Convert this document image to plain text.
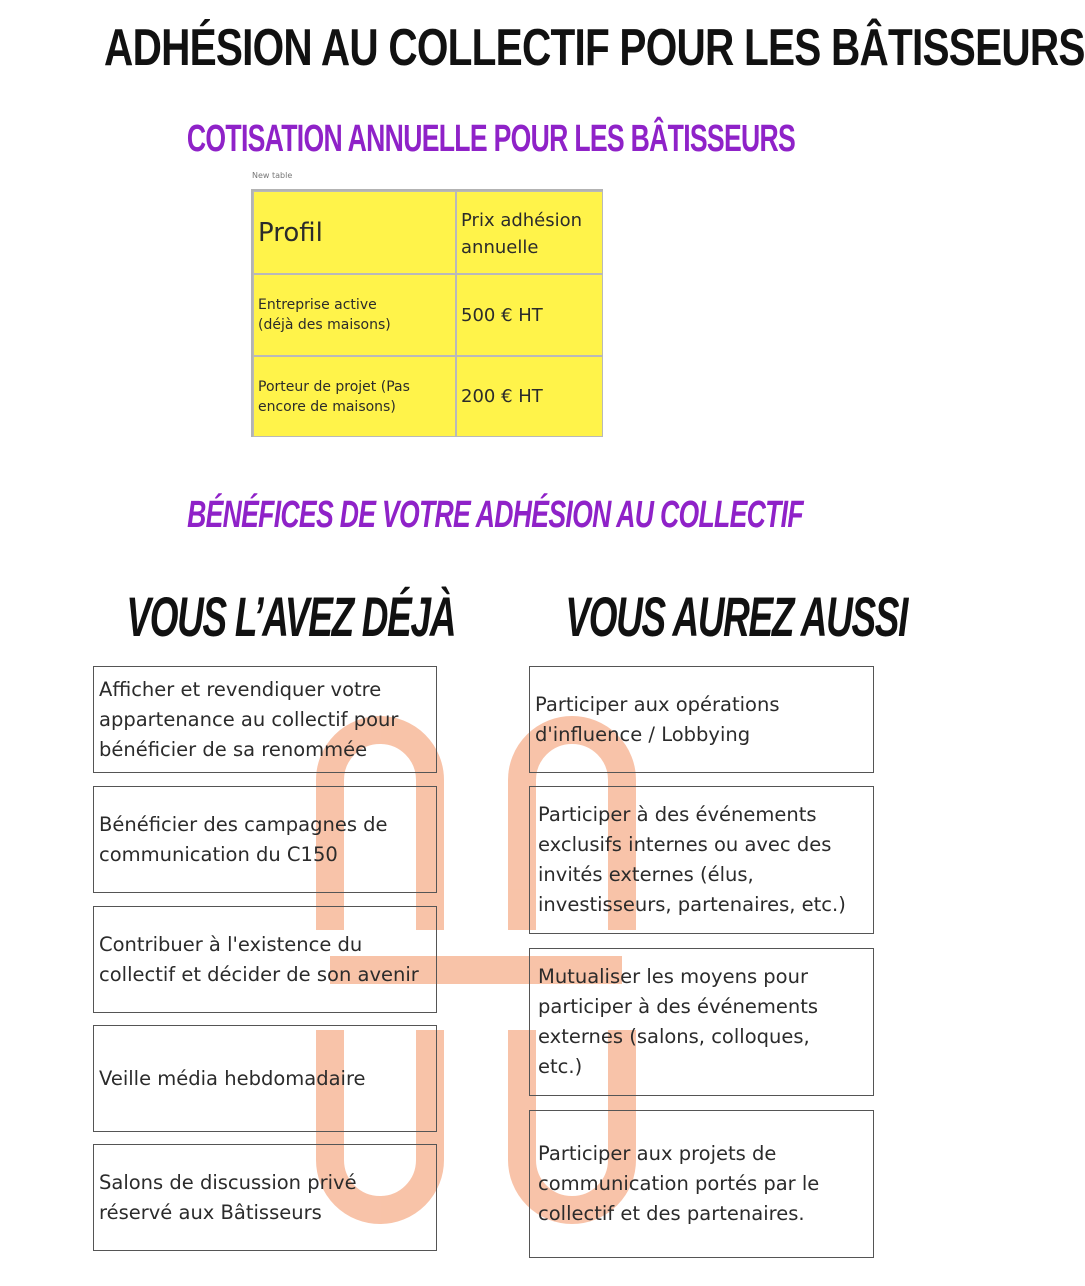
ADHÉSION AU COLLECTIF POUR LES BÂTISSEURS
COTISATION ANNUELLE POUR LES BÂTISSEURS
New table
Profil	Prix adhésion annuelle
Entreprise active
(déjà des maisons)	500 € HT
Porteur de projet (Pas
encore de maisons)	200 € HT
BÉNÉFICES DE VOTRE ADHÉSION AU COLLECTIF
VOUS L’AVEZ DÉJÀ VOUS AUREZ AUSSI
Afficher et revendiquer votre
appartenance au collectif pour
bénéficier de sa renommée
Bénéficier des campagnes de
communication du C150
Contribuer à l'existence du
collectif et décider de son avenir
Veille média hebdomadaire
Salons de discussion privé
réservé aux Bâtisseurs
Participer aux opérations
d'influence / Lobbying
Participer à des événements
exclusifs internes ou avec des
invités externes (élus,
investisseurs, partenaires, etc.)
Mutualiser les moyens pour
participer à des événements
externes (salons, colloques,
etc.)
Participer aux projets de
communication portés par le
collectif et des partenaires.
